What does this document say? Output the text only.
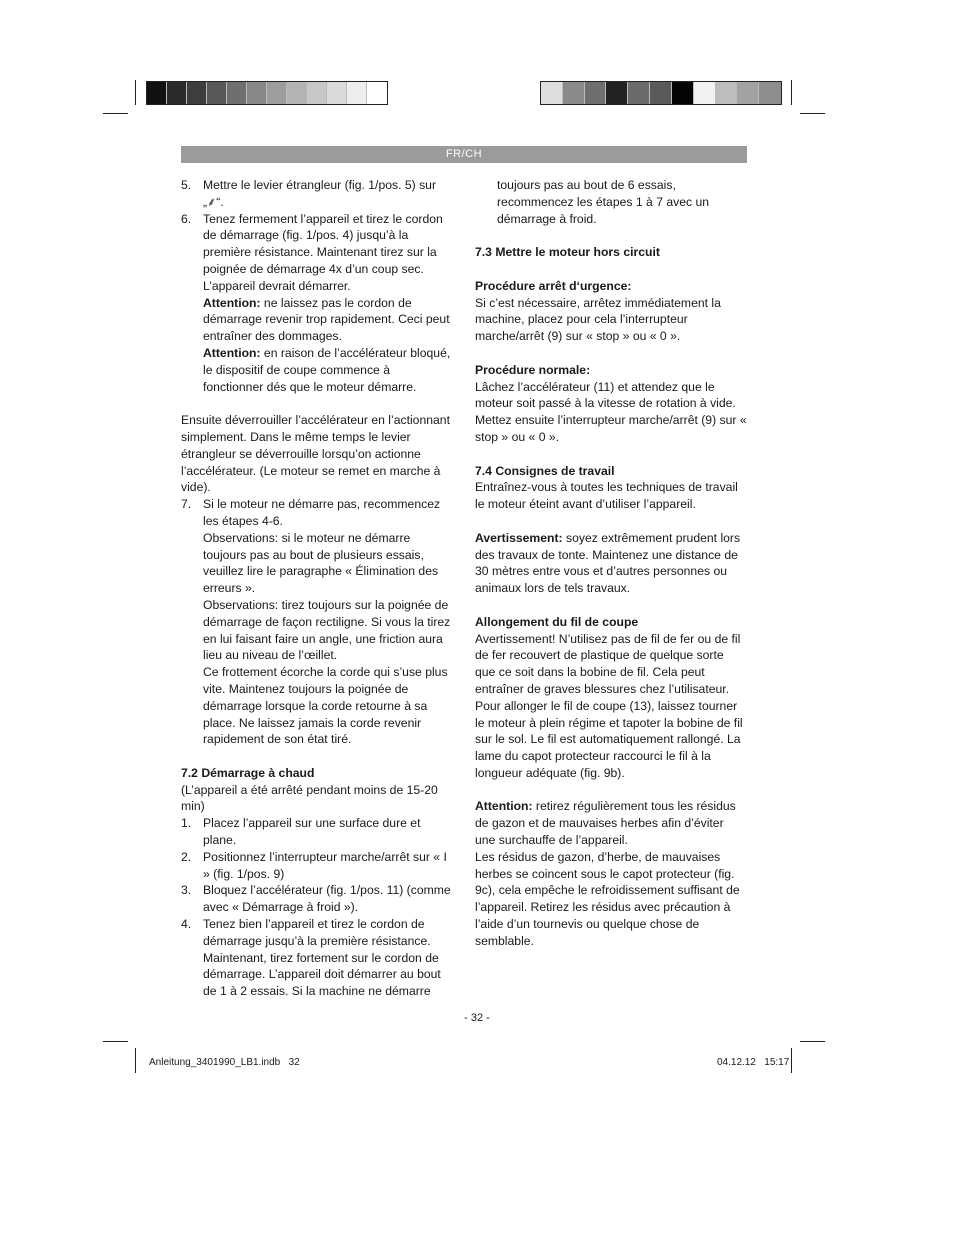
FR/CH
5. Mettre le levier étrangleur (fig. 1/pos. 5) sur „⸙“.
6. Tenez fermement l’appareil et tirez le cordon de démarrage (fig. 1/pos. 4) jusqu’à la première résistance. Maintenant tirez sur la poignée de démarrage 4x d’un coup sec. L’appareil devrait démarrer.

Attention: ne laissez pas le cordon de démarrage revenir trop rapidement. Ceci peut entraîner des dommages.

Attention: en raison de l’accélérateur bloqué, le dispositif de coupe commence à fonctionner dés que le moteur démarre.

Ensuite déverrouiller l’accélérateur en l’actionnant simplement. Dans le même temps le levier étrangleur se déverrouille lorsqu’on actionne l’accélérateur. (Le moteur se remet en marche à vide).

7. Si le moteur ne démarre pas, recommencez les étapes 4-6.

Observations: si le moteur ne démarre toujours pas au bout de plusieurs essais, veuillez lire le paragraphe « Élimination des erreurs ».

Observations: tirez toujours sur la poignée de démarrage de façon rectiligne. Si vous la tirez en lui faisant faire un angle, une friction aura lieu au niveau de l’œillet.

Ce frottement écorche la corde qui s’use plus vite. Maintenez toujours la poignée de démarrage lorsque la corde retourne à sa place. Ne laissez jamais la corde revenir rapidement de son état tiré.

7.2 Démarrage à chaud

(L’appareil a été arrêté pendant moins de 15-20 min)

1. Placez l’appareil sur une surface dure et plane.
2. Positionnez l’interrupteur marche/arrêt sur « I » (fig. 1/pos. 9)
3. Bloquez l’accélérateur (fig. 1/pos. 11) (comme avec « Démarrage à froid »).
4. Tenez bien l’appareil et tirez le cordon de démarrage jusqu’à la première résistance. Maintenant, tirez fortement sur le cordon de démarrage. L’appareil doit démarrer au bout de 1 à 2 essais. Si la machine ne démarre

toujours pas au bout de 6 essais, recommencez les étapes 1 à 7 avec un démarrage à froid.

7.3 Mettre le moteur hors circuit

Procédure arrêt d‘urgence:

Si c’est nécessaire, arrêtez immédiatement la machine, placez pour cela l’interrupteur marche/arrêt (9) sur « stop » ou « 0 ».

Procédure normale:

Lâchez l’accélérateur (11) et attendez que le moteur soit passé à la vitesse de rotation à vide. Mettez ensuite l’interrupteur marche/arrêt (9) sur « stop » ou « 0 ».

7.4 Consignes de travail

Entraînez-vous à toutes les techniques de travail le moteur éteint avant d’utiliser l’appareil.

Avertissement: soyez extrêmement prudent lors des travaux de tonte. Maintenez une distance de 30 mètres entre vous et d’autres personnes ou animaux lors de tels travaux.

Allongement du fil de coupe

Avertissement! N’utilisez pas de fil de fer ou de fil de fer recouvert de plastique de quelque sorte que ce soit dans la bobine de fil. Cela peut entraîner de graves blessures chez l’utilisateur.

Pour allonger le fil de coupe (13), laissez tourner le moteur à plein régime et tapoter la bobine de fil sur le sol. Le fil est automatiquement rallongé. La lame du capot protecteur raccourci le fil à la longueur adéquate (fig. 9b).

Attention: retirez régulièrement tous les résidus de gazon et de mauvaises herbes afin d’éviter une surchauffe de l’appareil.

Les résidus de gazon, d’herbe, de mauvaises herbes se coincent sous le capot protecteur (fig. 9c), cela empêche le refroidissement suffisant de l’appareil. Retirez les résidus avec précaution à l’aide d’un tournevis ou quelque chose de semblable.

- 32 -
Anleitung_3401990_LB1.indb   32	04.12.12   15:17
